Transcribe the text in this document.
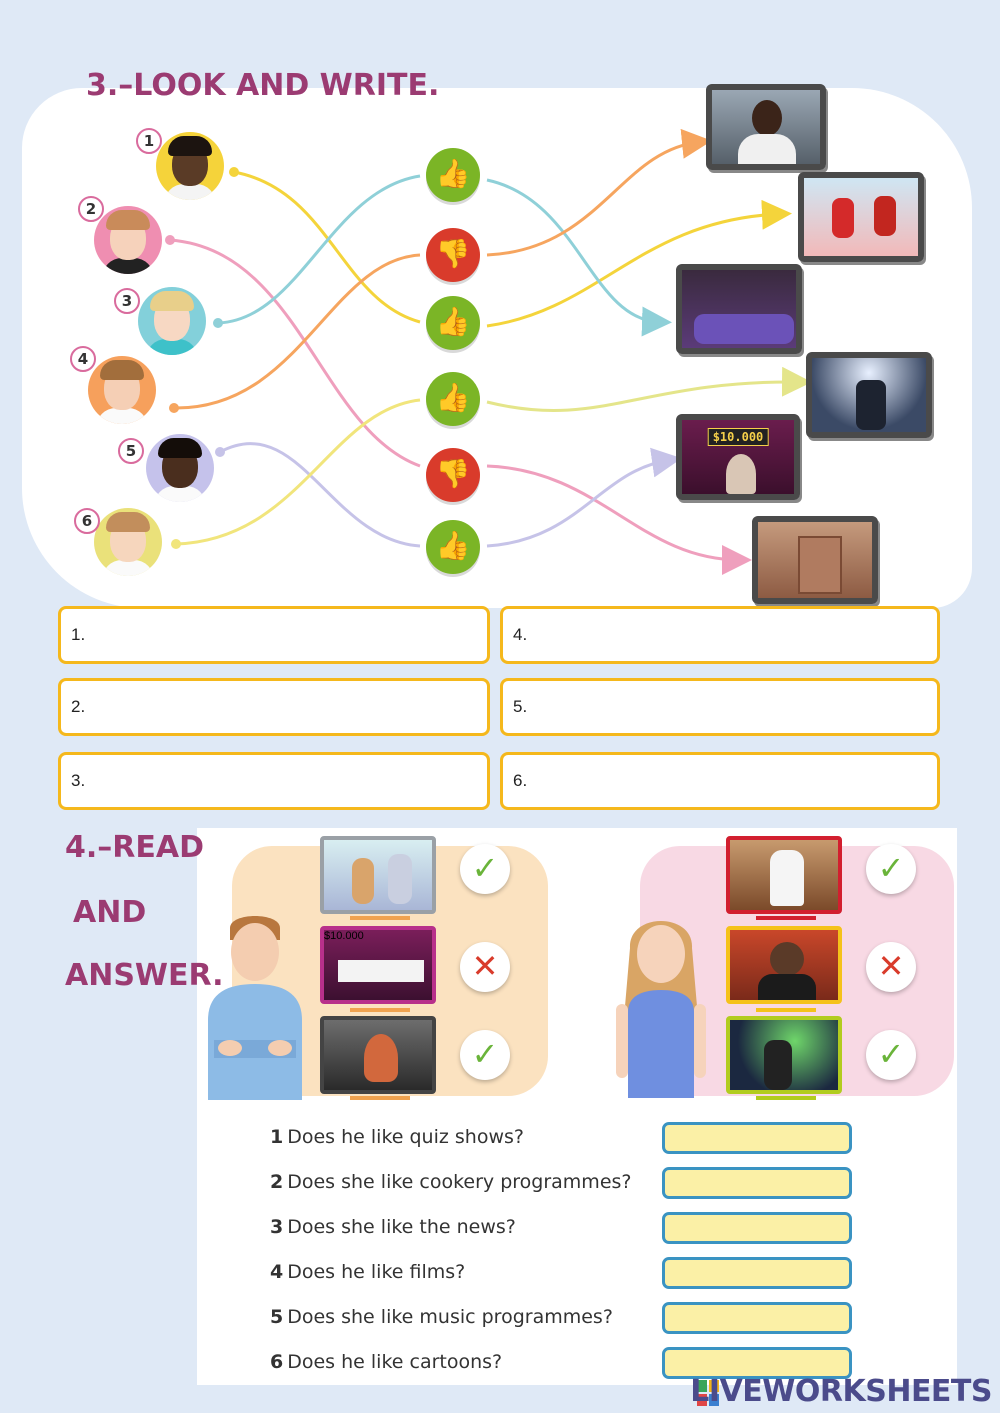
3.–LOOK AND WRITE.
1
2
3
4
5
6
👍
👎
👍
👍
👎
👍
$10.000
1.	4.
2.	5.
3.	6.
4.–READ
AND
ANSWER.
✓
$10.000
✕
✓
✓
✕
✓
1 Does he like quiz shows?
2 Does she like cookery programmes?
3 Does she like the news?
4 Does he like films?
5 Does she like music programmes?
6 Does he like cartoons?
LIVEWORKSHEETS
